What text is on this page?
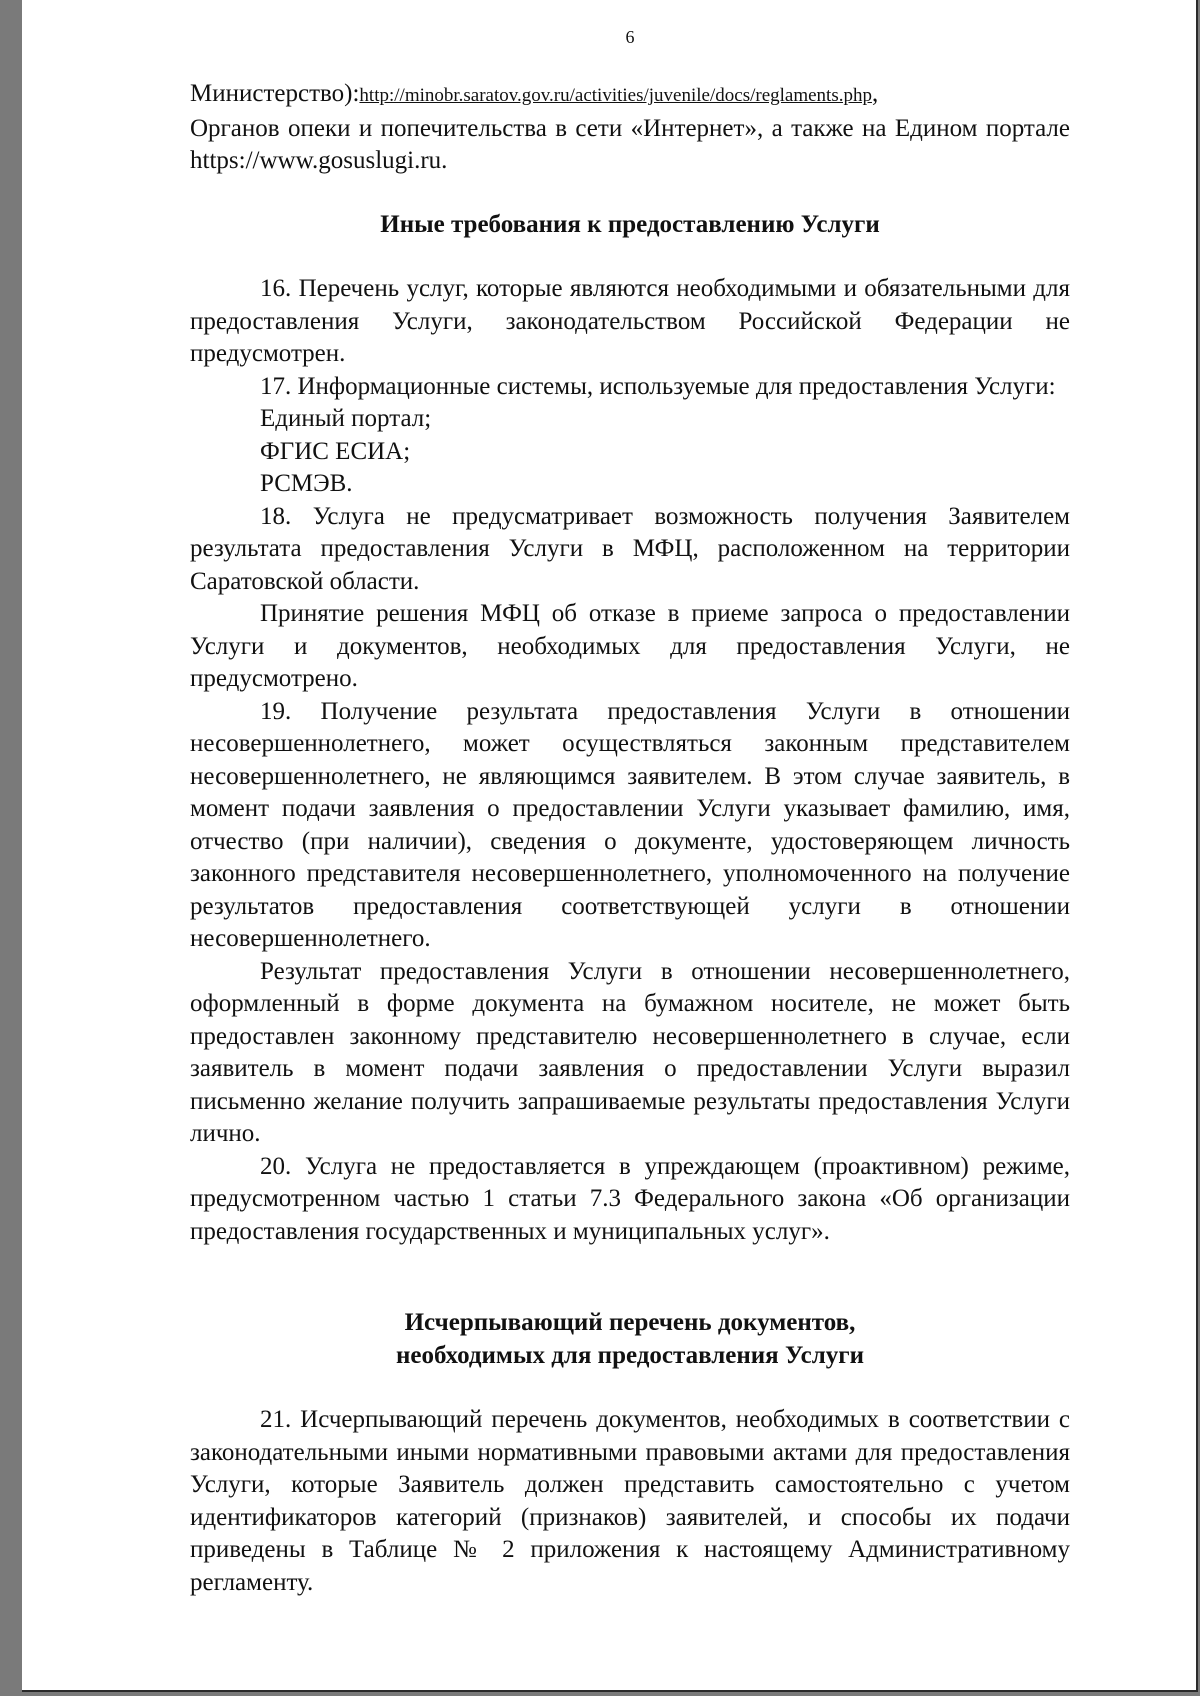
6
Министерство):http://minobr.saratov.gov.ru/activities/juvenile/docs/reglaments.php,

Органов опеки и попечительства в сети «Интернет», а также на Едином портале https://www.gosuslugi.ru.

Иные требования к предоставлению Услуги

16. Перечень услуг, которые являются необходимыми и обязательными для предоставления Услуги, законодательством Российской Федерации не предусмотрен.

17. Информационные системы, используемые для предоставления Услуги:

Единый портал;

ФГИС ЕСИА;

РСМЭВ.

18. Услуга не предусматривает возможность получения Заявителем результата предоставления Услуги в МФЦ, расположенном на территории Саратовской области.

Принятие решения МФЦ об отказе в приеме запроса о предоставлении Услуги и документов, необходимых для предоставления Услуги, не предусмотрено.

19. Получение результата предоставления Услуги в отношении несовершеннолетнего, может осуществляться законным представителем несовершеннолетнего, не являющимся заявителем. В этом случае заявитель, в момент подачи заявления о предоставлении Услуги указывает фамилию, имя, отчество (при наличии), сведения о документе, удостоверяющем личность законного представителя несовершеннолетнего, уполномоченного на получение результатов предоставления соответствующей услуги в отношении несовершеннолетнего.

Результат предоставления Услуги в отношении несовершеннолетнего, оформленный в форме документа на бумажном носителе, не может быть предоставлен законному представителю несовершеннолетнего в случае, если заявитель в момент подачи заявления о предоставлении Услуги выразил письменно желание получить запрашиваемые результаты предоставления Услуги лично.

20. Услуга не предоставляется в упреждающем (проактивном) режиме, предусмотренном частью 1 статьи 7.3 Федерального закона «Об организации предоставления государственных и муниципальных услуг».

Исчерпывающий перечень документов,

необходимых для предоставления Услуги

21. Исчерпывающий перечень документов, необходимых в соответствии с законодательными иными нормативными правовыми актами для предоставления Услуги, которые Заявитель должен представить самостоятельно с учетом идентификаторов категорий (признаков) заявителей, и способы их подачи приведены в Таблице № 2 приложения к настоящему Административному регламенту.
